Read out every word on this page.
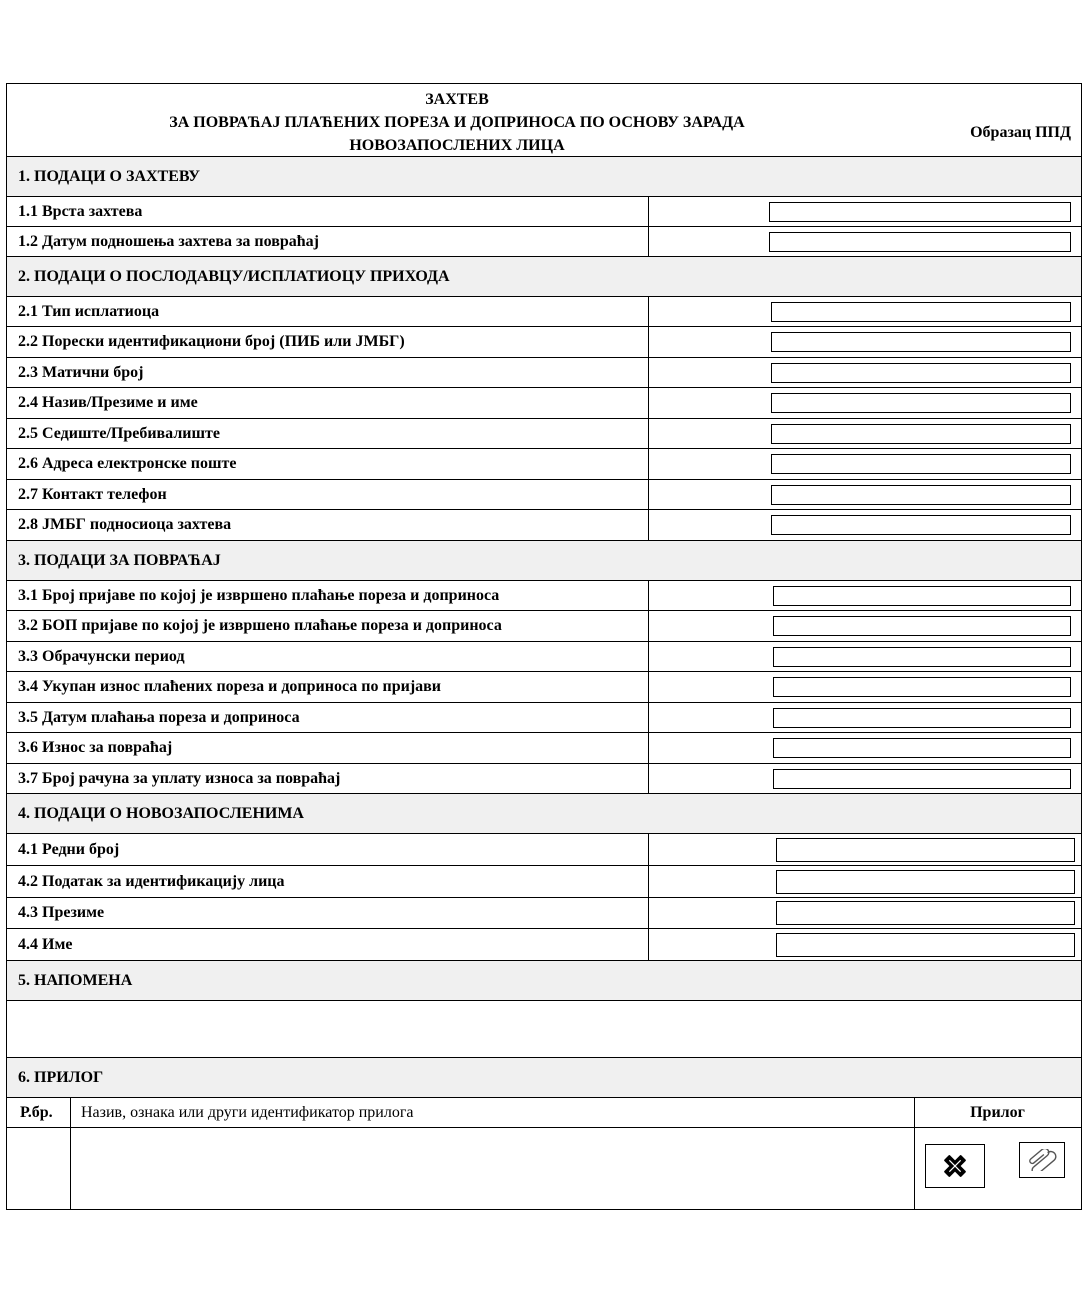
ЗАХТЕВ
ЗА ПОВРАЋАЈ ПЛАЋЕНИХ ПОРЕЗА И ДОПРИНОСА ПО ОСНОВУ ЗАРАДА
НОВОЗАПОСЛЕНИХ ЛИЦА
Образац ППД
1. ПОДАЦИ О ЗАХТЕВУ
1.1 Врста захтева
1.2 Датум подношења захтева за повраћај
2. ПОДАЦИ О ПОСЛОДАВЦУ/ИСПЛАТИОЦУ ПРИХОДА
2.1 Тип исплатиоца
2.2 Порески идентификациони број (ПИБ или ЈМБГ)
2.3 Матични број
2.4 Назив/Презиме и име
2.5 Седиште/Пребивалиште
2.6 Адреса електронске поште
2.7 Контакт телефон
2.8 ЈМБГ подносиоца захтева
3. ПОДАЦИ ЗА ПОВРАЋАЈ
3.1 Број пријаве по којој је извршено плаћање пореза и доприноса
3.2 БОП пријаве по којој је извршено плаћање пореза и доприноса
3.3 Обрачунски период
3.4 Укупан износ плаћених пореза и доприноса по пријави
3.5 Датум плаћања пореза и доприноса
3.6 Износ за повраћај
3.7 Број рачуна за уплату износа за повраћај
4. ПОДАЦИ О НОВОЗАПОСЛЕНИМА
4.1 Редни број
4.2 Податак за идентификацију лица
4.3 Презиме
4.4 Име
5. НАПОМЕНА
6. ПРИЛОГ
Р.бр. Назив, ознака или други идентификатор прилога	Прилог
